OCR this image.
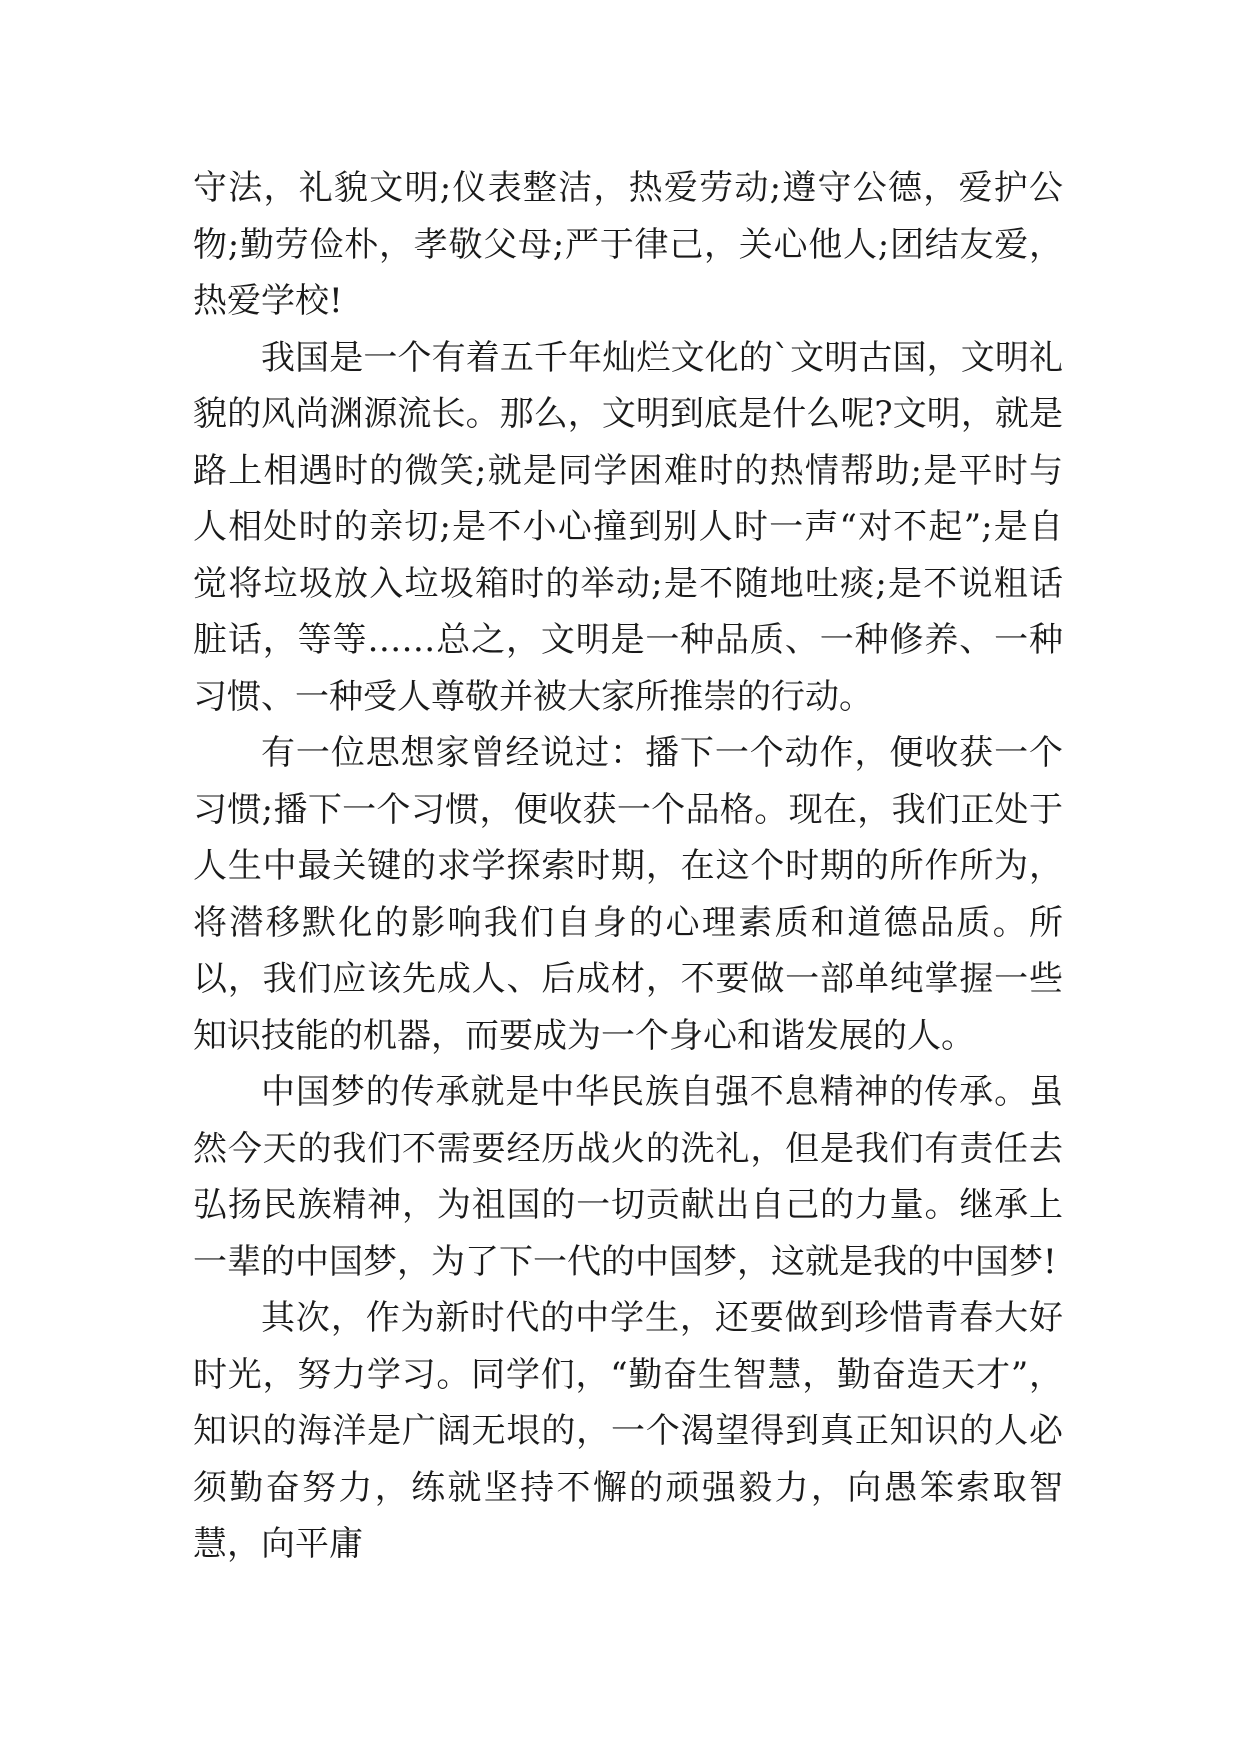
守法，礼貌文明;仪表整洁，热爱劳动;遵守公德，爱护公物;勤劳俭朴，孝敬父母;严于律己，关心他人;团结友爱，热爱学校!

我国是一个有着五千年灿烂文化的`文明古国，文明礼貌的风尚渊源流长。那么，文明到底是什么呢?文明，就是路上相遇时的微笑;就是同学困难时的热情帮助;是平时与人相处时的亲切;是不小心撞到别人时一声“对不起”;是自觉将垃圾放入垃圾箱时的举动;是不随地吐痰;是不说粗话脏话，等等……总之，文明是一种品质、一种修养、一种习惯、一种受人尊敬并被大家所推崇的行动。

有一位思想家曾经说过：播下一个动作，便收获一个习惯;播下一个习惯，便收获一个品格。现在，我们正处于人生中最关键的求学探索时期，在这个时期的所作所为，将潜移默化的影响我们自身的心理素质和道德品质。所以，我们应该先成人、后成材，不要做一部单纯掌握一些知识技能的机器，而要成为一个身心和谐发展的人。

中国梦的传承就是中华民族自强不息精神的传承。虽然今天的我们不需要经历战火的洗礼，但是我们有责任去弘扬民族精神，为祖国的一切贡献出自己的力量。继承上一辈的中国梦，为了下一代的中国梦，这就是我的中国梦!

其次，作为新时代的中学生，还要做到珍惜青春大好时光，努力学习。同学们，“勤奋生智慧，勤奋造天才”，知识的海洋是广阔无垠的，一个渴望得到真正知识的人必须勤奋努力，练就坚持不懈的顽强毅力，向愚笨索取智慧，向平庸
